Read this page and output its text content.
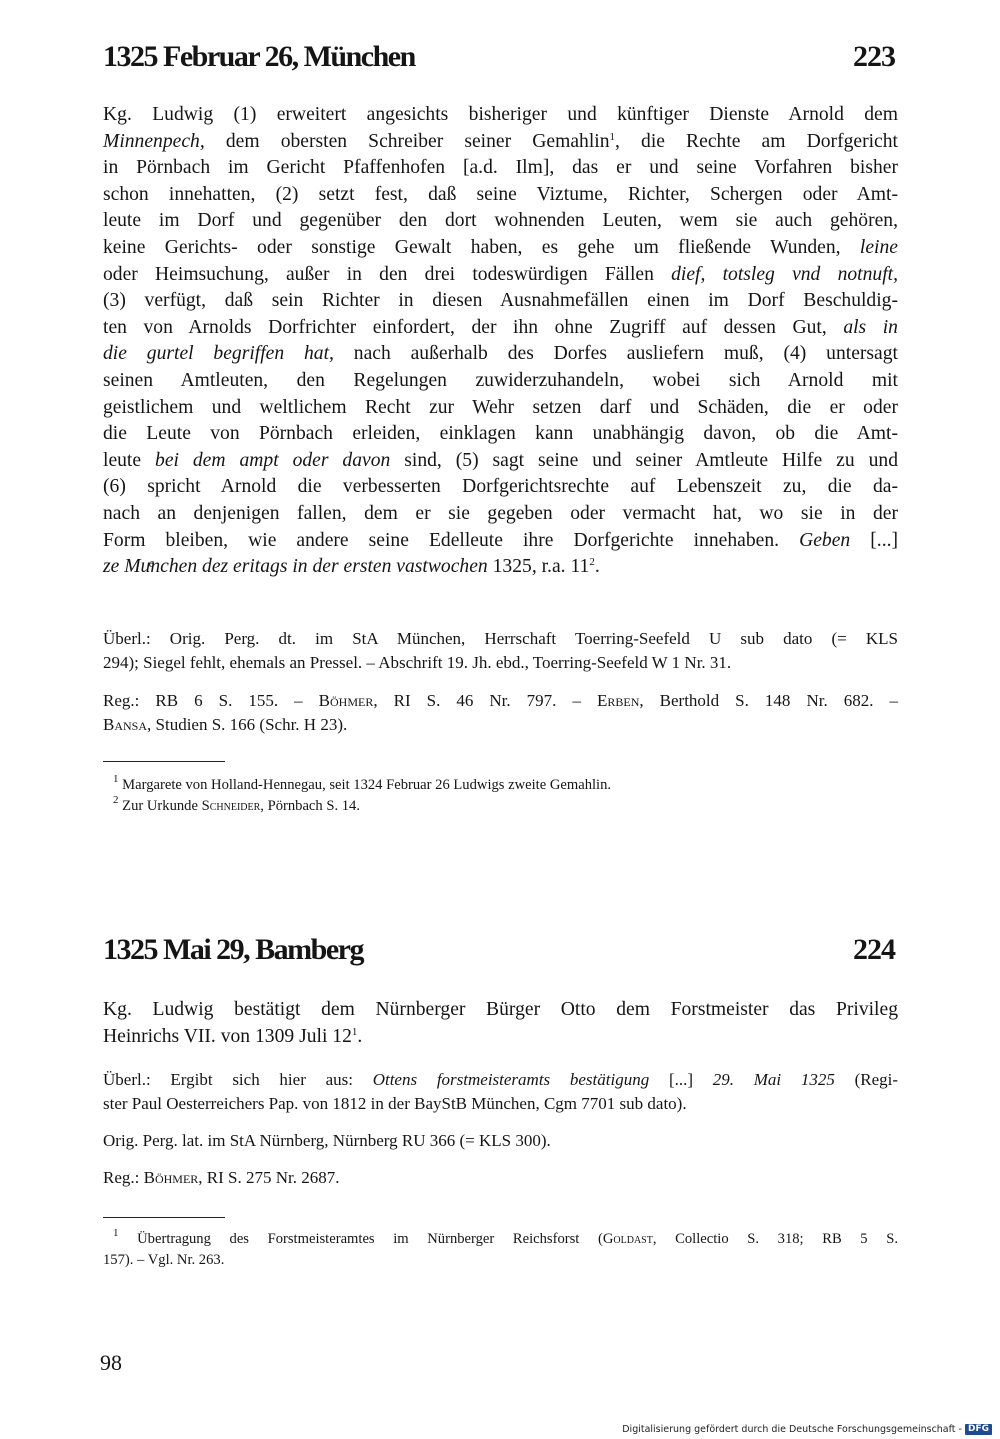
1325 Februar 26, München	223
Kg. Ludwig (1) erweitert angesichts bisheriger und künftiger Dienste Arnold dem
Minnenpech, dem obersten Schreiber seiner Gemahlin$^1$, die Rechte am Dorfgericht
in Pörnbach im Gericht Pfaffenhofen [a.d. Ilm], das er und seine Vorfahren bisher
schon innehatten, (2) setzt fest, daß seine Viztume, Richter, Schergen oder Amt-
leute im Dorf und gegenüber den dort wohnenden Leuten, wem sie auch gehören,
keine Gerichts- oder sonstige Gewalt haben, es gehe um fließende Wunden, leine
oder Heimsuchung, außer in den drei todeswürdigen Fällen dief, totsleg vnd notnuft,
(3) verfügt, daß sein Richter in diesen Ausnahmefällen einen im Dorf Beschuldig-
ten von Arnolds Dorfrichter einfordert, der ihn ohne Zugriff auf dessen Gut, als in
die gurtel begriffen hat, nach außerhalb des Dorfes ausliefern muß, (4) untersagt
seinen Amtleuten, den Regelungen zuwiderzuhandeln, wobei sich Arnold mit
geistlichem und weltlichem Recht zur Wehr setzen darf und Schäden, die er oder
die Leute von Pörnbach erleiden, einklagen kann unabhängig davon, ob die Amt-
leute bei dem ampt oder davon sind, (5) sagt seine und seiner Amtleute Hilfe zu und
(6) spricht Arnold die verbesserten Dorfgerichtsrechte auf Lebenszeit zu, die da-
nach an denjenigen fallen, dem er sie gegeben oder vermacht hat, wo sie in der
Form bleiben, wie andere seine Edelleute ihre Dorfgerichte innehaben. Geben [...]
ze Muͤnchen dez eritags in der ersten vastwochen 1325, r.a. $11^2$.
Überl.: Orig. Perg. dt. im StA München, Herrschaft Toerring-Seefeld U sub dato (= KLS
294); Siegel fehlt, ehemals an Pressel. – Abschrift 19. Jh. ebd., Toerring-Seefeld W 1 Nr. 31.
Reg.: RB 6 S. 155. – Böhmer, RI S. 46 Nr. 797. – Erben, Berthold S. 148 Nr. 682. –
Bansa, Studien S. 166 (Schr. H 23).
$^1$ Margarete von Holland-Hennegau, seit 1324 Februar 26 Ludwigs zweite Gemahlin.
$^2$ Zur Urkunde Schneider, Pörnbach S. 14.
1325 Mai 29, Bamberg	224
Kg. Ludwig bestätigt dem Nürnberger Bürger Otto dem Forstmeister das Privileg
Heinrichs VII. von 1309 Juli $12^1$.
Überl.: Ergibt sich hier aus: Ottens forstmeisteramts bestätigung [...] 29. Mai 1325 (Regi-
ster Paul Oesterreichers Pap. von 1812 in der BayStB München, Cgm 7701 sub dato).
Orig. Perg. lat. im StA Nürnberg, Nürnberg RU 366 (= KLS 300).
Reg.: Böhmer, RI S. 275 Nr. 2687.
$^1$ Übertragung des Forstmeisteramtes im Nürnberger Reichsforst (Goldast, Collectio S. 318; RB 5 S.
157). – Vgl. Nr. 263.
98
Digitalisierung gefördert durch die Deutsche Forschungsgemeinschaft - DFG
